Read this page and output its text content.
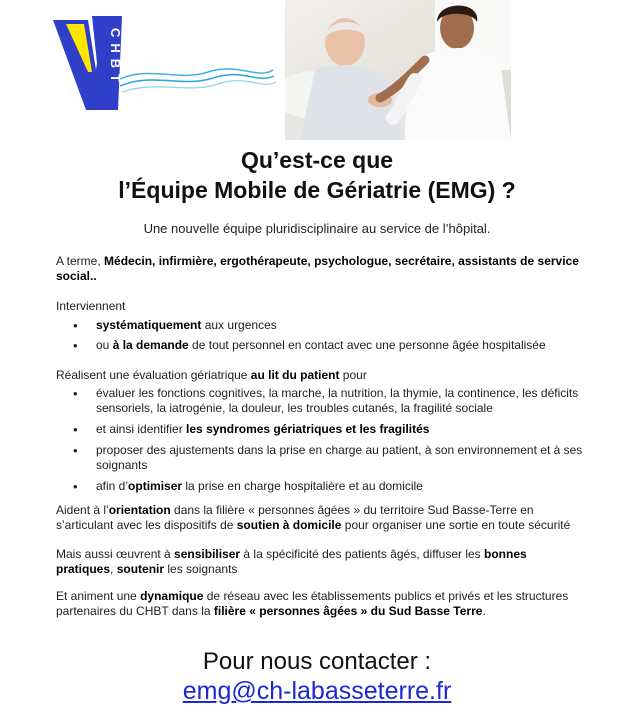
CHBT
Qu’est-ce que
l’Équipe Mobile de Gériatrie (EMG) ?
Une nouvelle équipe pluridisciplinaire au service de l’hôpital.
A terme, Médecin, infirmière, ergothérapeute, psychologue, secrétaire, assistants de service social..
Interviennent
• systématiquement aux urgences
• ou à la demande de tout personnel en contact avec une personne âgée hospitalisée
Réalisent une évaluation gériatrique au lit du patient pour
• évaluer les fonctions cognitives, la marche, la nutrition, la thymie, la continence, les déficits sensoriels, la iatrogénie, la douleur, les troubles cutanés, la fragilité sociale
• et ainsi identifier les syndromes gériatriques et les fragilités
• proposer des ajustements dans la prise en charge au patient, à son environnement et à ses soignants
• afin d’optimiser la prise en charge hospitalière et au domicile
Aident à l’orientation dans la filière « personnes âgées » du territoire Sud Basse-Terre en s’articulant avec les dispositifs de soutien à domicile pour organiser une sortie en toute sécurité
Mais aussi œuvrent à sensibiliser à la spécificité des patients âgés, diffuser les bonnes pratiques, soutenir les soignants
Et animent une dynamique de réseau avec les établissements publics et privés et les structures partenaires du CHBT dans la filière « personnes âgées » du Sud Basse Terre.
Pour nous contacter :
emg@ch-labasseterre.fr
